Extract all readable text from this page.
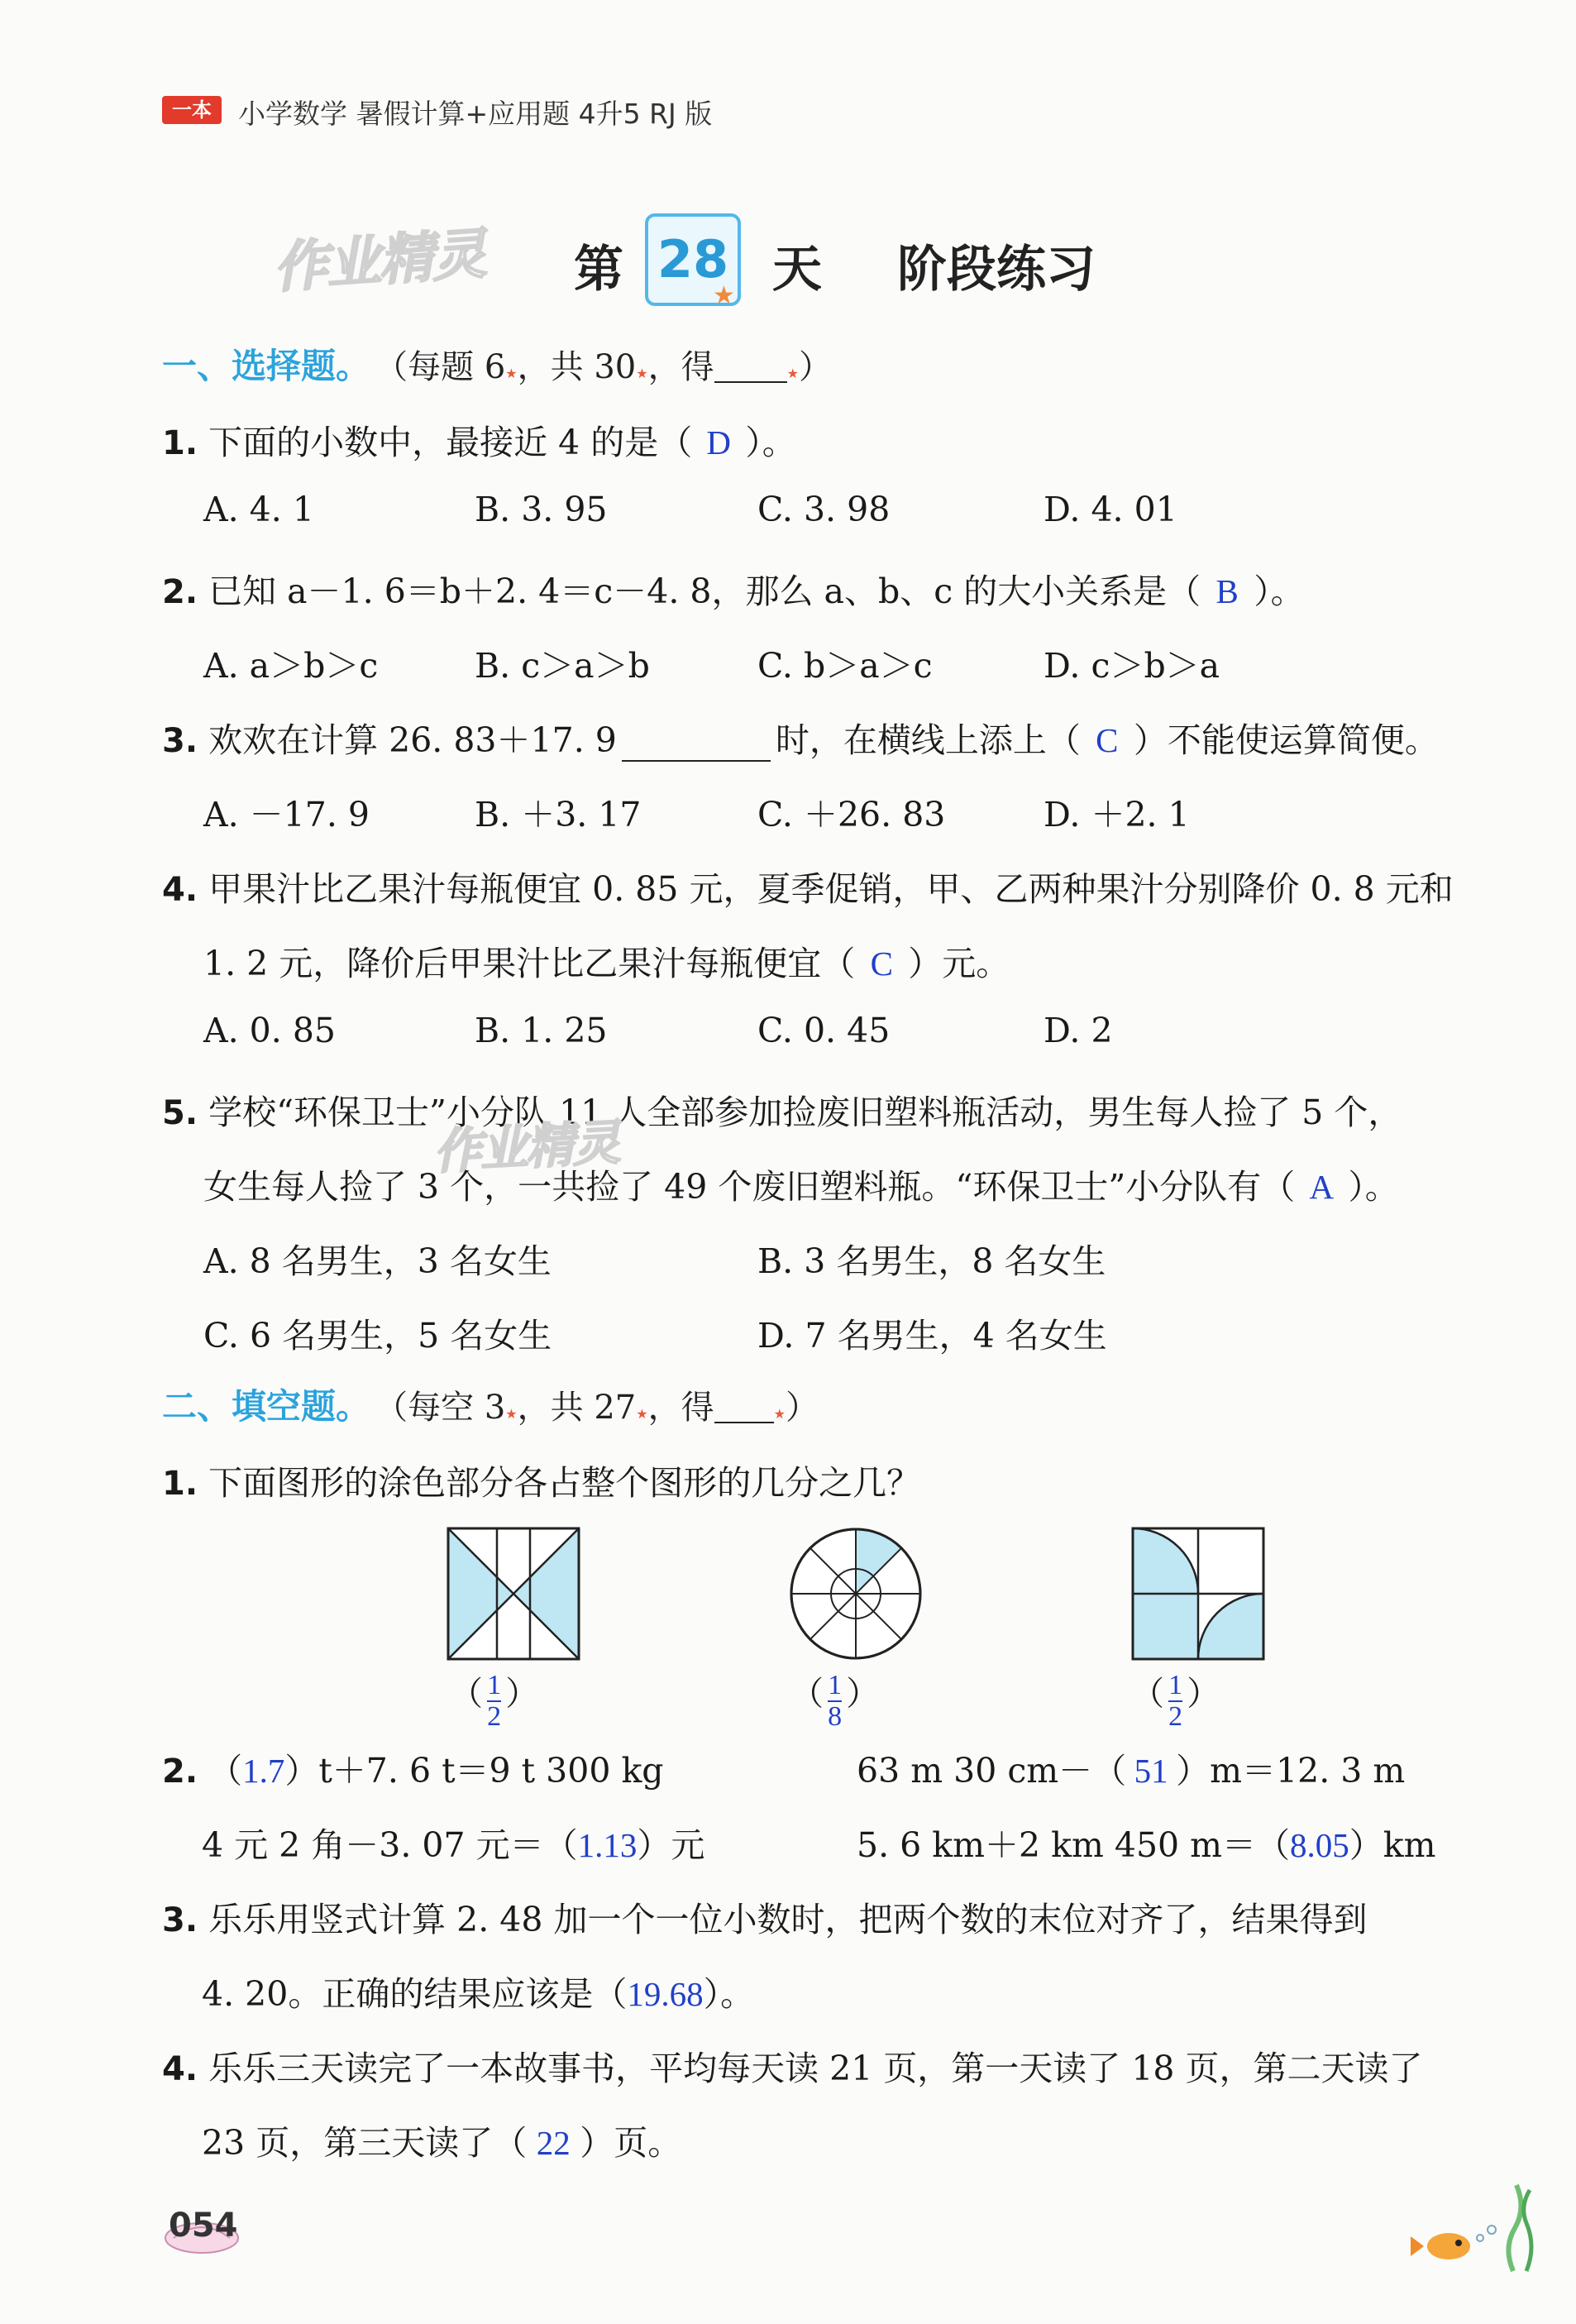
一本 小学数学 暑假计算+应用题 4升5 RJ 版
作业精灵 第 28
★ 天 阶段练习
一、选择题。 （每题 6★，共 30★，得	★）
1. 下面的小数中，最接近 4 的是（ D ）。
A. 4. 1	B. 3. 95	C. 3. 98	D. 4. 01
2. 已知 a－1. 6＝b＋2. 4＝c－4. 8，那么 a、b、c 的大小关系是（ B ）。
A. a＞b＞c	B. c＞a＞b	C. b＞a＞c	D. c＞b＞a
3. 欢欢在计算 26. 83＋17. 9	时，在横线上添上（ C ）不能使运算简便。
A. －17. 9	B. ＋3. 17	C. ＋26. 83	D. ＋2. 1
4. 甲果汁比乙果汁每瓶便宜 0. 85 元，夏季促销，甲、乙两种果汁分别降价 0. 8 元和
1. 2 元，降价后甲果汁比乙果汁每瓶便宜（ C ）元。
A. 0. 85	B. 1. 25	C. 0. 45	D. 2
5. 学校“环保卫士”小分队 11 人全部参加捡废旧塑料瓶活动，男生每人捡了 5 个，
作业精灵
女生每人捡了 3 个，一共捡了 49 个废旧塑料瓶。“环保卫士”小分队有（ A ）。
A. 8 名男生，3 名女生	B. 3 名男生，8 名女生
C. 6 名男生，5 名女生	D. 7 名男生，4 名女生
二、填空题。 （每空 3★，共 27★，得	★）
1. 下面图形的涂色部分各占整个图形的几分之几？
（ $\frac{1}{2}$ ）	（ $\frac{1}{8}$ ）	（ $\frac{1}{2}$ ）
2. （1.7）t＋7. 6 t＝9 t 300 kg	63 m 30 cm－（ 51 ）m＝12. 3 m
4 元 2 角－3. 07 元＝（1.13）元	5. 6 km＋2 km 450 m＝（8.05）km
3. 乐乐用竖式计算 2. 48 加一个一位小数时，把两个数的末位对齐了，结果得到
4. 20。正确的结果应该是（19.68）。
4. 乐乐三天读完了一本故事书，平均每天读 21 页，第一天读了 18 页，第二天读了
23 页，第三天读了（ 22 ）页。
054
